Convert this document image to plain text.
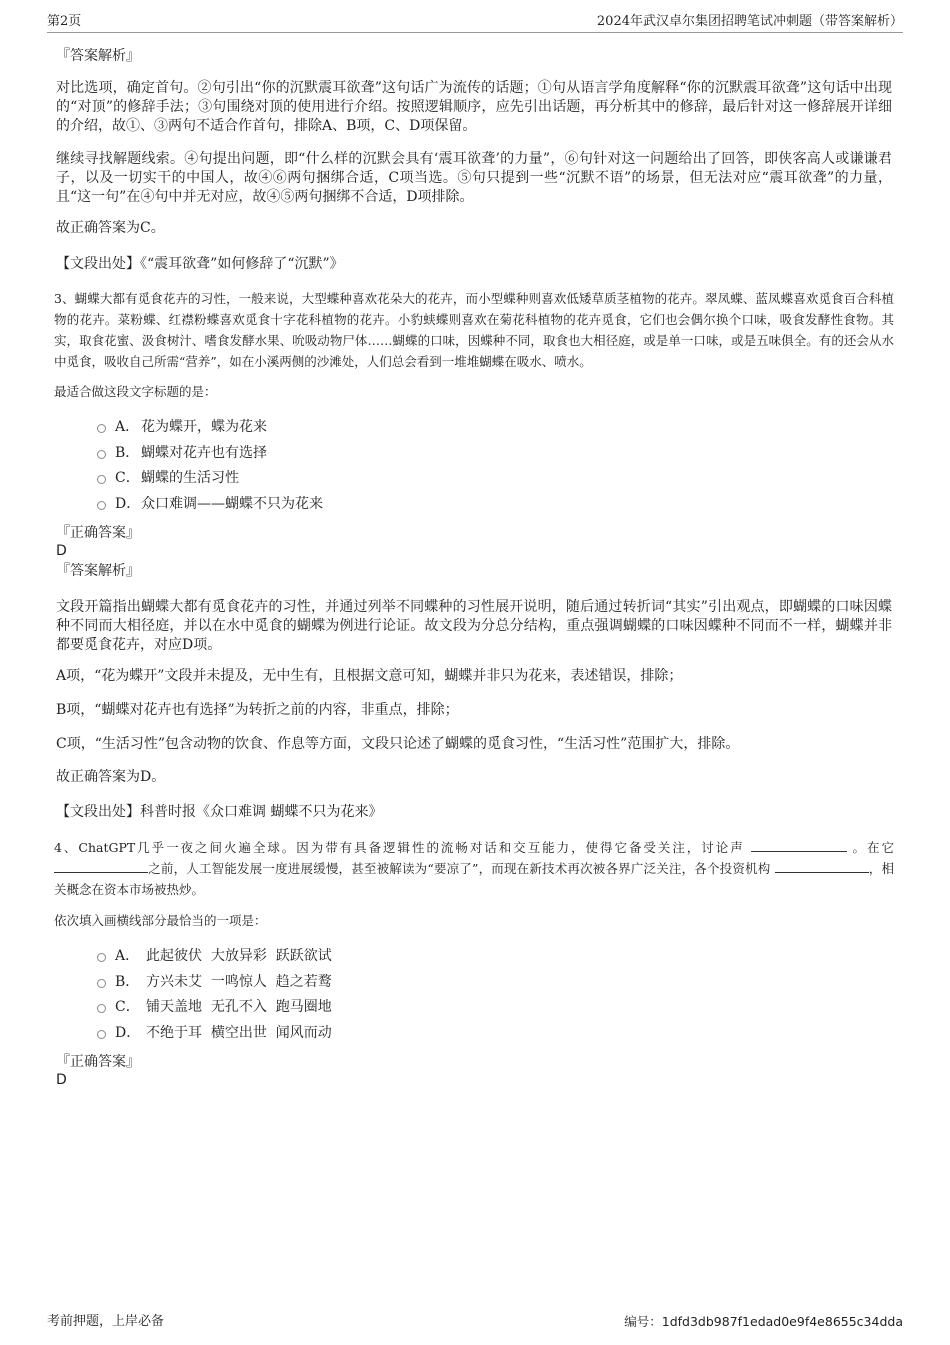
第2页	2024年武汉卓尔集团招聘笔试冲刺题（带答案解析）

『答案解析』

对比选项，确定首句。②句引出“你的沉默震耳欲聋”这句话广为流传的话题；①句从语言学角度解释“你的沉默震耳欲聋”这句话中出现的“对顶”的修辞手法；③句围绕对顶的使用进行介绍。按照逻辑顺序，应先引出话题，再分析其中的修辞，最后针对这一修辞展开详细的介绍，故①、③两句不适合作首句，排除A、B项，C、D项保留。

继续寻找解题线索。④句提出问题，即“什么样的沉默会具有‘震耳欲聋’的力量”，⑥句针对这一问题给出了回答，即侠客高人或谦谦君子，以及一切实干的中国人，故④⑥两句捆绑合适，C项当选。⑤句只提到一些“沉默不语”的场景，但无法对应“震耳欲聋”的力量，且“这一句”在④句中并无对应，故④⑤两句捆绑不合适，D项排除。

故正确答案为C。

【文段出处】《“震耳欲聋”如何修辞了“沉默”》

3、蝴蝶大都有觅食花卉的习性，一般来说，大型蝶种喜欢花朵大的花卉，而小型蝶种则喜欢低矮草质茎植物的花卉。翠凤蝶、蓝凤蝶喜欢觅食百合科植物的花卉。菜粉蝶、红襟粉蝶喜欢觅食十字花科植物的花卉。小豹蛱蝶则喜欢在菊花科植物的花卉觅食，它们也会偶尔换个口味，吸食发酵性食物。其实，取食花蜜、汲食树汁、嗜食发酵水果、吮吸动物尸体……蝴蝶的口味，因蝶种不同，取食也大相径庭，或是单一口味，或是五味俱全。有的还会从水中觅食，吸收自己所需“营养”，如在小溪两侧的沙滩处，人们总会看到一堆堆蝴蝶在吸水、喷水。

最适合做这段文字标题的是：

A． 花为蝶开，蝶为花来
B． 蝴蝶对花卉也有选择
C． 蝴蝶的生活习性
D． 众口难调——蝴蝶不只为花来

『正确答案』

D

『答案解析』

文段开篇指出蝴蝶大都有觅食花卉的习性，并通过列举不同蝶种的习性展开说明，随后通过转折词“其实”引出观点，即蝴蝶的口味因蝶种不同而大相径庭，并以在水中觅食的蝴蝶为例进行论证。故文段为分总分结构，重点强调蝴蝶的口味因蝶种不同而不一样，蝴蝶并非都要觅食花卉，对应D项。

A项，“花为蝶开”文段并未提及，无中生有，且根据文意可知，蝴蝶并非只为花来，表述错误，排除；

B项，“蝴蝶对花卉也有选择”为转折之前的内容，非重点，排除；

C项，“生活习性”包含动物的饮食、作息等方面，文段只论述了蝴蝶的觅食习性，“生活习性”范围扩大，排除。

故正确答案为D。

【文段出处】科普时报《众口难调 蝴蝶不只为花来》

4、ChatGPT几乎一夜之间火遍全球。因为带有具备逻辑性的流畅对话和交互能力，使得它备受关注，讨论声	。在它 之前，人工智能发展一度进展缓慢，甚至被解读为“要凉了”，而现在新技术再次被各界广泛关注，各个投资机构	，相关概念在资本市场被热炒。

依次填入画横线部分最恰当的一项是：

A． 此起彼伏  大放异彩  跃跃欲试
B． 方兴未艾  一鸣惊人  趋之若鹜
C． 铺天盖地  无孔不入  跑马圈地
D． 不绝于耳  横空出世  闻风而动

『正确答案』

D

考前押题，上岸必备	编号：1dfd3db987f1edad0e9f4e8655c34dda
